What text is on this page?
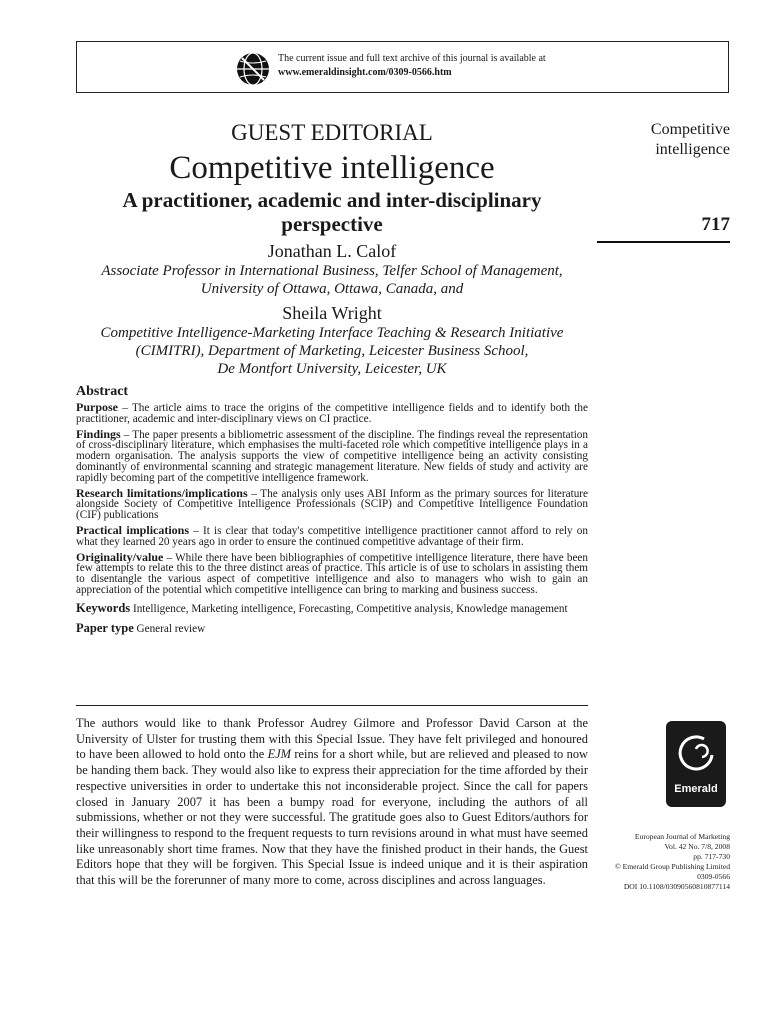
The current issue and full text archive of this journal is available at
www.emeraldinsight.com/0309-0566.htm

GUEST EDITORIAL

Competitive intelligence

A practitioner, academic and inter-disciplinary

perspective

Jonathan L. Calof

Associate Professor in International Business, Telfer School of Management,

University of Ottawa, Ottawa, Canada, and

Sheila Wright

Competitive Intelligence-Marketing Interface Teaching & Research Initiative

(CIMITRI), Department of Marketing, Leicester Business School,

De Montfort University, Leicester, UK

Abstract

Purpose – The article aims to trace the origins of the competitive intelligence fields and to identify both the practitioner, academic and inter-disciplinary views on CI practice.

Findings – The paper presents a bibliometric assessment of the discipline. The findings reveal the representation of cross-disciplinary literature, which emphasises the multi-faceted role which competitive intelligence plays in a modern organisation. The analysis supports the view of competitive intelligence being an activity consisting dominantly of environmental scanning and strategic management literature. New fields of study and activity are rapidly becoming part of the competitive intelligence framework.

Research limitations/implications – The analysis only uses ABI Inform as the primary sources for literature alongside Society of Competitive Intelligence Professionals (SCIP) and Competitive Intelligence Foundation (CIF) publications

Practical implications – It is clear that today's competitive intelligence practitioner cannot afford to rely on what they learned 20 years ago in order to ensure the continued competitive advantage of their firm.

Originality/value – While there have been bibliographies of competitive intelligence literature, there have been few attempts to relate this to the three distinct areas of practice. This article is of use to scholars in assisting them to disentangle the various aspect of competitive intelligence and also to managers who wish to gain an appreciation of the potential which competitive intelligence can bring to marking and business success.

Keywords Intelligence, Marketing intelligence, Forecasting, Competitive analysis, Knowledge management

Paper type General review

The authors would like to thank Professor Audrey Gilmore and Professor David Carson at the University of Ulster for trusting them with this Special Issue. They have felt privileged and honoured to have been allowed to hold onto the EJM reins for a short while, but are relieved and pleased to now be handing them back. They would also like to express their appreciation for the time afforded by their respective universities in order to undertake this not inconsiderable project. Since the call for papers closed in January 2007 it has been a bumpy road for everyone, including the authors of all submissions, whether or not they were successful. The gratitude goes also to Guest Editors/authors for their willingness to respond to the frequent requests to turn revisions around in what must have seemed like unreasonably short time frames. Now that they have the finished product in their hands, the Guest Editors hope that they will be forgiven. This Special Issue is indeed unique and it is their aspiration that this will be the forerunner of many more to come, across disciplines and across languages.

Competitive
intelligence
717
Emerald
European Journal of Marketing
Vol. 42 No. 7/8, 2008
pp. 717-730
© Emerald Group Publishing Limited
0309-0566
DOI 10.1108/03090560810877114
